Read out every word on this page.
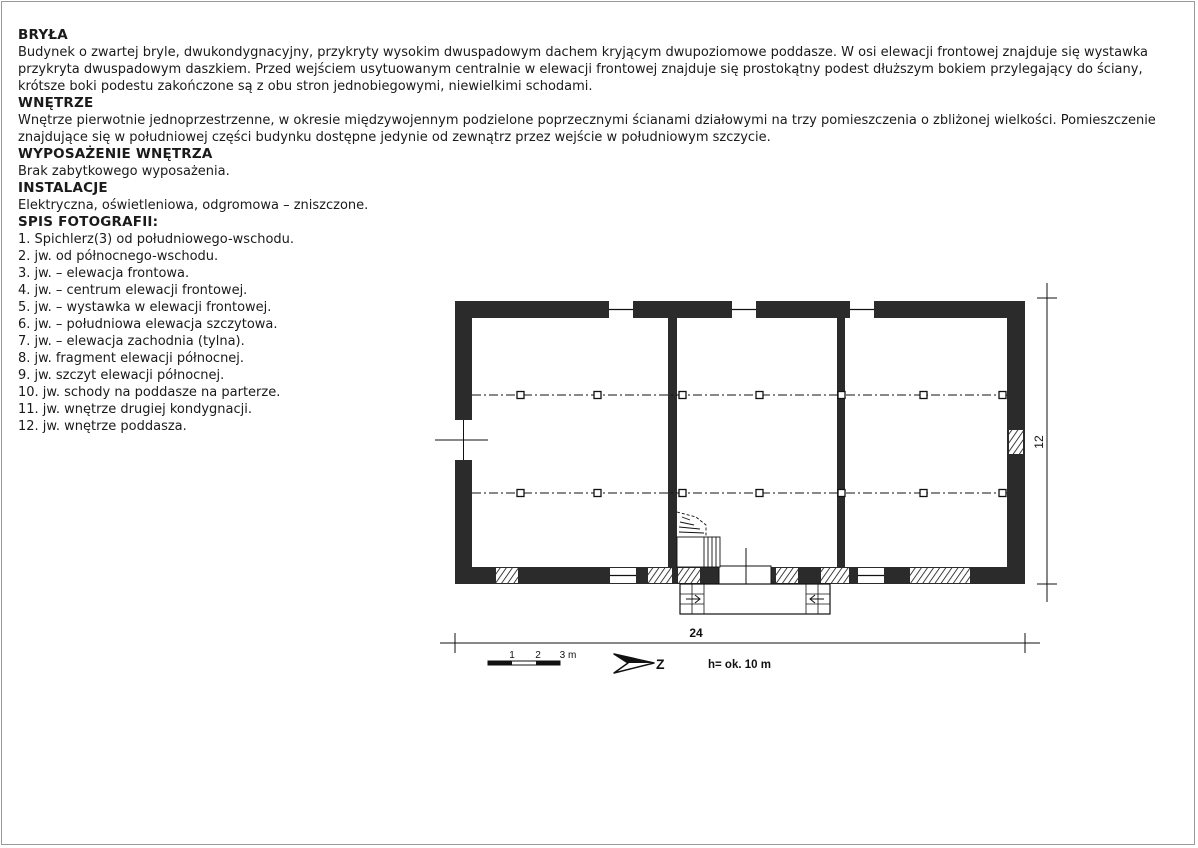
BRYŁA

Budynek o zwartej bryle, dwukondygnacyjny, przykryty wysokim dwuspadowym dachem kryjącym dwupoziomowe poddasze. W osi elewacji frontowej znajduje się wystawka przykryta dwuspadowym daszkiem. Przed wejściem usytuowanym centralnie w elewacji frontowej znajduje się prostokątny podest dłuższym bokiem przylegający do ściany, krótsze boki podestu zakończone są z obu stron jednobiegowymi, niewielkimi schodami.

WNĘTRZE

Wnętrze pierwotnie jednoprzestrzenne, w okresie międzywojennym podzielone poprzecznymi ścianami działowymi na trzy pomieszczenia o zbliżonej wielkości. Pomieszczenie znajdujące się w południowej części budynku dostępne jedynie od zewnątrz przez wejście w południowym szczycie.

WYPOSAŻENIE WNĘTRZA

Brak zabytkowego wyposażenia.

INSTALACJE

Elektryczna, oświetleniowa, odgromowa – zniszczone.

SPIS FOTOGRAFII:
1. Spichlerz(3) od południowego-wschodu.
2. jw. od północnego-wschodu.
3. jw. – elewacja frontowa.
4. jw. – centrum elewacji frontowej.
5. jw. – wystawka w elewacji frontowej.
6. jw. – południowa elewacja szczytowa.
7. jw. – elewacja zachodnia (tylna).
8. jw. fragment elewacji północnej.
9. jw. szczyt elewacji północnej.
10. jw. schody na poddasze na parterze.
11. jw. wnętrze drugiej kondygnacji.
12. jw. wnętrze poddasza.
12
24
1 2 3 m
Z	h= ok. 10 m
